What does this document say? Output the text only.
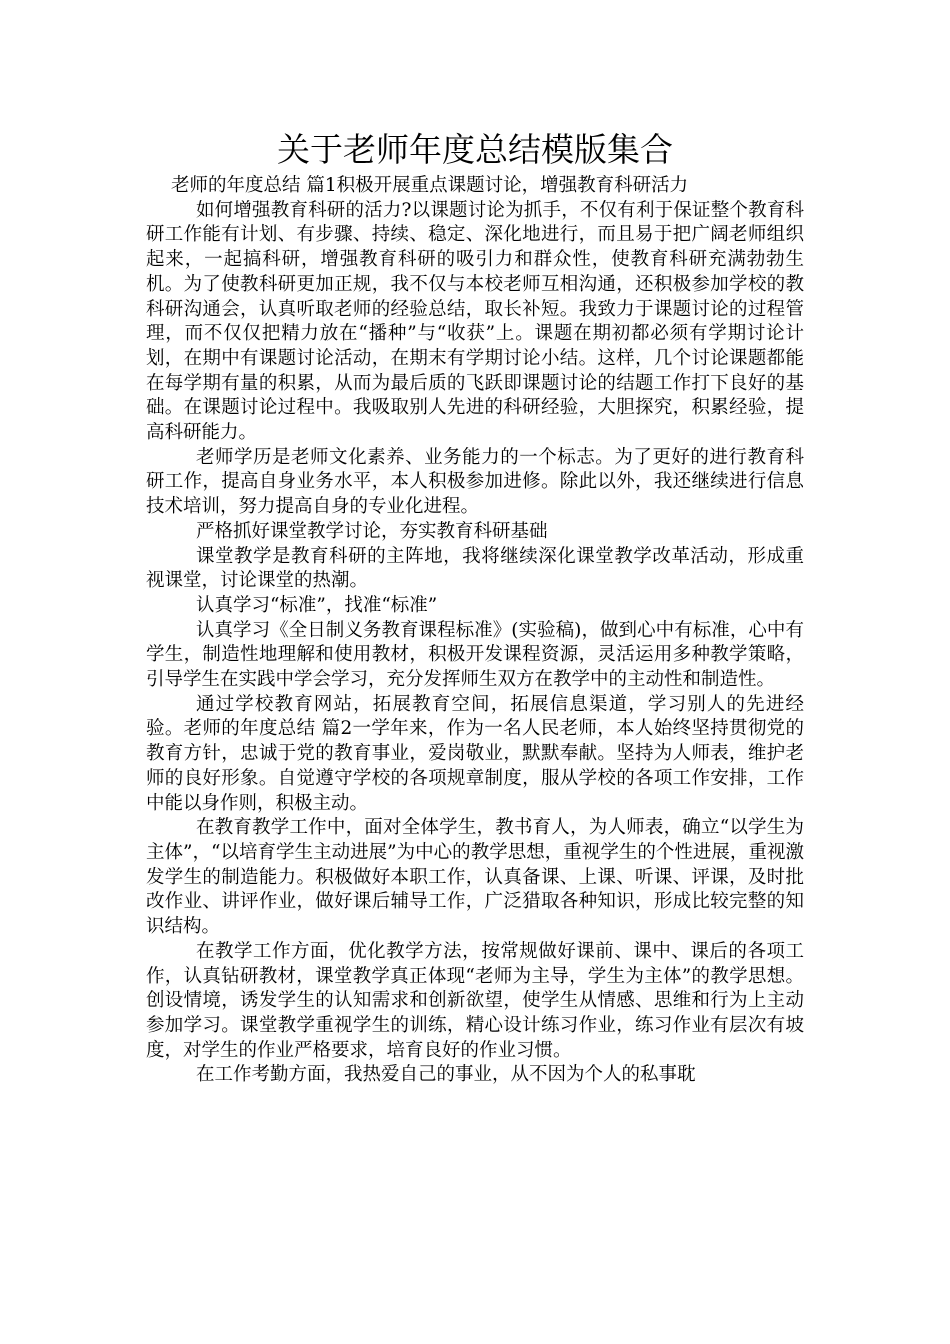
关于老师年度总结模版集合

老师的年度总结 篇1积极开展重点课题讨论，增强教育科研活力

如何增强教育科研的活力?以课题讨论为抓手，不仅有利于保证整个教育科研工作能有计划、有步骤、持续、稳定、深化地进行，而且易于把广阔老师组织起来，一起搞科研，增强教育科研的吸引力和群众性，使教育科研充满勃勃生机。为了使教科研更加正规，我不仅与本校老师互相沟通，还积极参加学校的教科研沟通会，认真听取老师的经验总结，取长补短。我致力于课题讨论的过程管理，而不仅仅把精力放在“播种”与“收获”上。课题在期初都必须有学期讨论计划，在期中有课题讨论活动，在期末有学期讨论小结。这样，几个讨论课题都能在每学期有量的积累，从而为最后质的飞跃即课题讨论的结题工作打下良好的基础。在课题讨论过程中。我吸取别人先进的科研经验，大胆探究，积累经验，提高科研能力。

老师学历是老师文化素养、业务能力的一个标志。为了更好的进行教育科研工作，提高自身业务水平，本人积极参加进修。除此以外，我还继续进行信息技术培训，努力提高自身的专业化进程。

严格抓好课堂教学讨论，夯实教育科研基础

课堂教学是教育科研的主阵地，我将继续深化课堂教学改革活动，形成重视课堂，讨论课堂的热潮。

认真学习“标准”，找准“标准”

认真学习《全日制义务教育课程标准》(实验稿)，做到心中有标准，心中有学生，制造性地理解和使用教材，积极开发课程资源，灵活运用多种教学策略，引导学生在实践中学会学习，充分发挥师生双方在教学中的主动性和制造性。

通过学校教育网站，拓展教育空间，拓展信息渠道，学习别人的先进经验。老师的年度总结 篇2一学年来，作为一名人民老师，本人始终坚持贯彻党的教育方针，忠诚于党的教育事业，爱岗敬业，默默奉献。坚持为人师表，维护老师的良好形象。自觉遵守学校的各项规章制度，服从学校的各项工作安排，工作中能以身作则，积极主动。

在教育教学工作中，面对全体学生，教书育人，为人师表，确立“以学生为主体”，“以培育学生主动进展”为中心的教学思想，重视学生的个性进展，重视激发学生的制造能力。积极做好本职工作，认真备课、上课、听课、评课，及时批改作业、讲评作业，做好课后辅导工作，广泛猎取各种知识，形成比较完整的知识结构。

在教学工作方面，优化教学方法，按常规做好课前、课中、课后的各项工作，认真钻研教材，课堂教学真正体现“老师为主导，学生为主体”的教学思想。创设情境，诱发学生的认知需求和创新欲望，使学生从情感、思维和行为上主动参加学习。课堂教学重视学生的训练，精心设计练习作业，练习作业有层次有坡度，对学生的作业严格要求，培育良好的作业习惯。

在工作考勤方面，我热爱自己的事业，从不因为个人的私事耽
